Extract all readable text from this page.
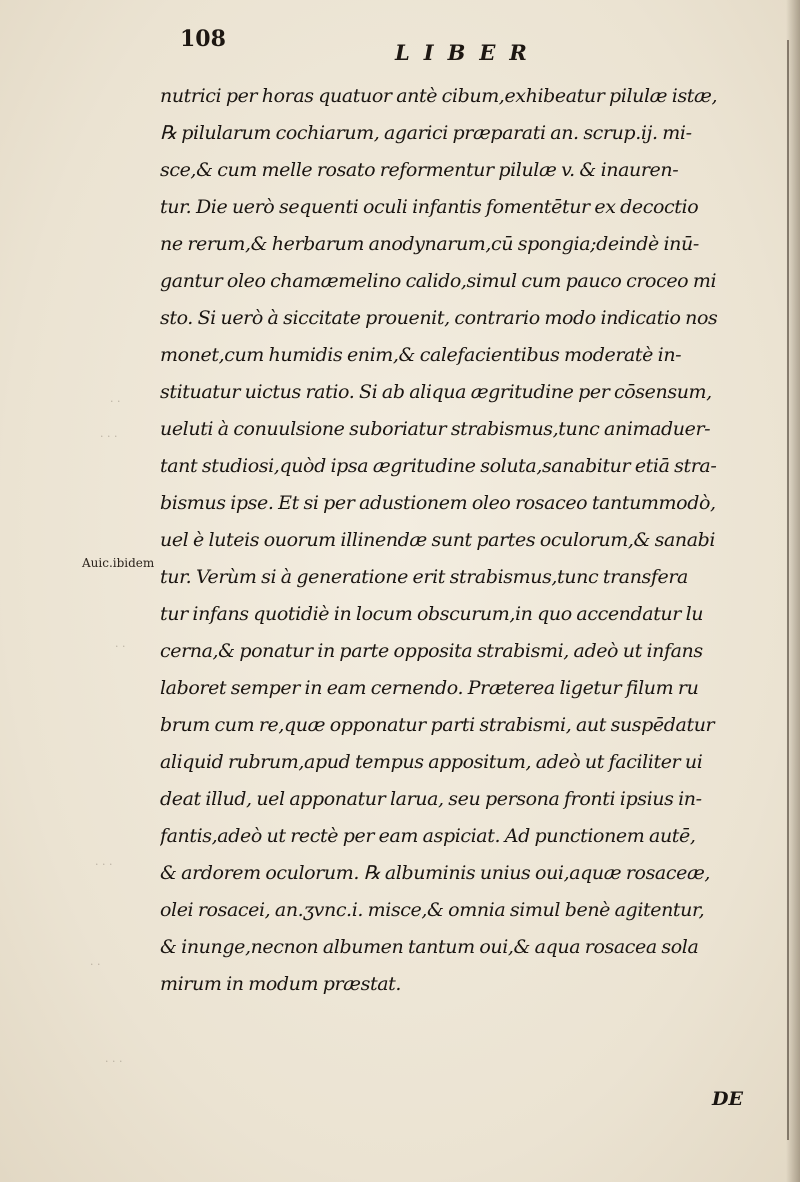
· ·
· · ·
· ·
· · ·
· ·
· · ·
108
LIBER
nutrici per horas quatuor antè cibum,exhibeatur pilulæ istæ,
℞ pilularum cochiarum, agarici præparati an. scrup.ij. mi-
sce,& cum melle rosato reformentur pilulæ v. & inauren-
tur. Die uerò sequenti oculi infantis fomentētur ex decoctio
ne rerum,& herbarum anodynarum,cū spongia;deindè inū-
gantur oleo chamæmelino calido,simul cum pauco croceo mi
sto. Si uerò à siccitate prouenit, contrario modo indicatio nos
monet,cum humidis enim,& calefacientibus moderatè in-
stituatur uictus ratio. Si ab aliqua ægritudine per cōsensum,
ueluti à conuulsione suboriatur strabismus,tunc animaduer-
tant studiosi,quòd ipsa ægritudine soluta,sanabitur etiā stra-
bismus ipse. Et si per adustionem oleo rosaceo tantummodò,
uel è luteis ouorum illinendæ sunt partes oculorum,& sanabi
tur. Verùm si à generatione erit strabismus,tunc transfera
tur infans quotidiè in locum obscurum,in quo accendatur lu
cerna,& ponatur in parte opposita strabismi, adeò ut infans
laboret semper in eam cernendo. Præterea ligetur filum ru
brum cum re,quæ opponatur parti strabismi, aut suspēdatur
aliquid rubrum,apud tempus appositum, adeò ut faciliter ui
deat illud, uel apponatur larua, seu persona fronti ipsius in-
fantis,adeò ut rectè per eam aspiciat. Ad punctionem autē,
& ardorem oculorum. ℞ albuminis unius oui,aquæ rosaceæ,
olei rosacei, an.ʒvnc.i. misce,& omnia simul benè agitentur,
& inunge,necnon albumen tantum oui,& aqua rosacea sola
mirum in modum præstat.
Auic.ibidem
DE
